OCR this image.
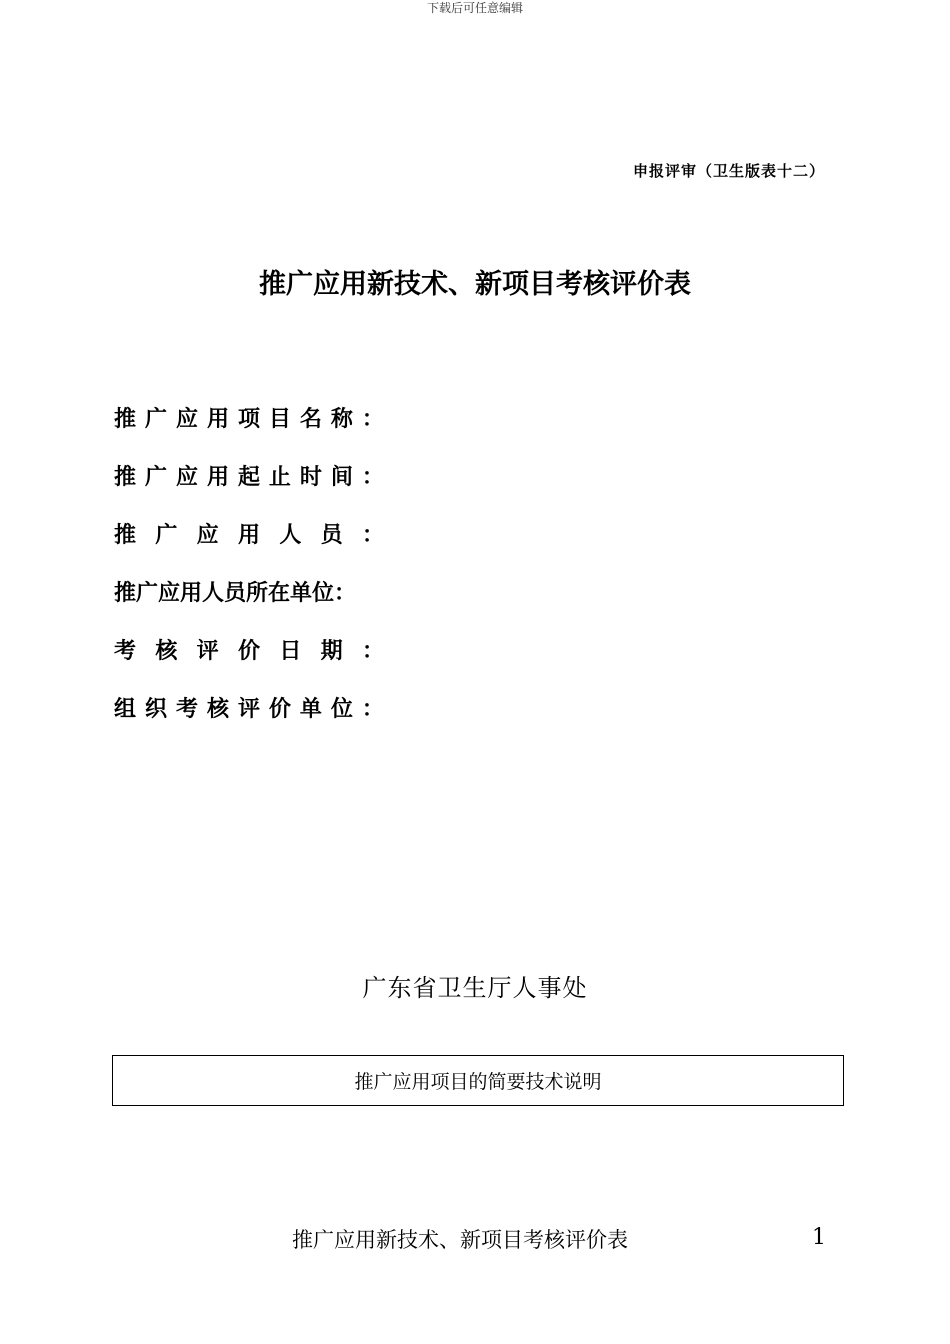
下载后可任意编辑
申报评审（卫生版表十二）
推广应用新技术、新项目考核评价表
推 广 应 用 项 目 名 称 ：
推 广 应 用 起 止 时 间 ：
推 广 应 用 人 员 ：
推广应用人员所在单位：
考 核 评 价 日 期 ：
组 织 考 核 评 价 单 位 ：
广东省卫生厅人事处
推广应用项目的简要技术说明
推广应用新技术、新项目考核评价表	1
